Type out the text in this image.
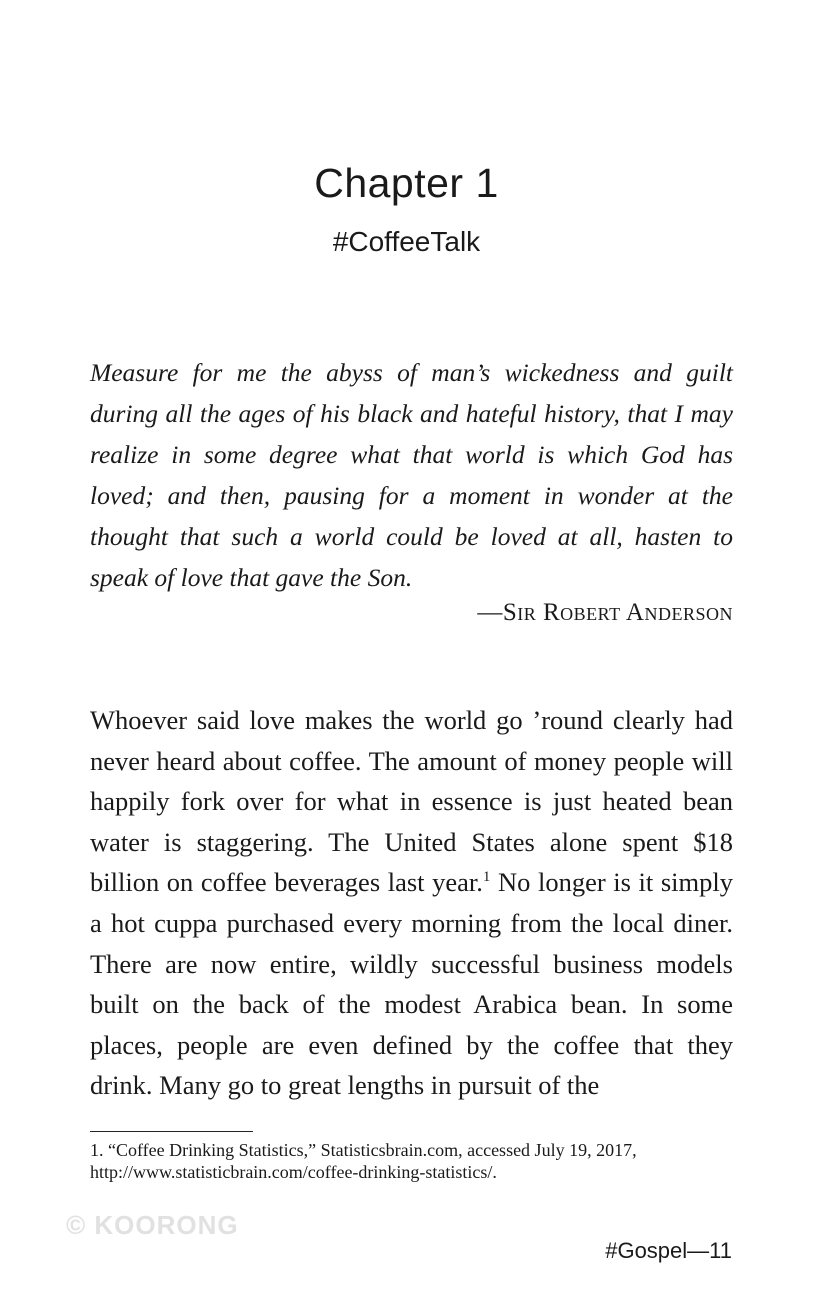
Chapter 1
#CoffeeTalk

Measure for me the abyss of man’s wickedness and guilt during all the ages of his black and hateful history, that I may realize in some degree what that world is which God has loved; and then, pausing for a moment in wonder at the thought that such a world could be loved at all, hasten to speak of love that gave the Son.

—Sir Robert Anderson

Whoever said love makes the world go ’round clearly had never heard about coffee. The amount of money people will happily fork over for what in essence is just heated bean water is staggering. The United States alone spent $18 billion on coffee beverages last year.$^1$ No longer is it simply a hot cuppa purchased every morning from the local diner. There are now entire, wildly successful business models built on the back of the modest Arabica bean. In some places, people are even defined by the coffee that they drink. Many go to great lengths in pursuit of the

1. “Coffee Drinking Statistics,” Statisticsbrain.com, accessed July 19, 2017, http://www.statisticbrain.com/coffee-drinking-statistics/.

© KOORONG
#Gospel—11
